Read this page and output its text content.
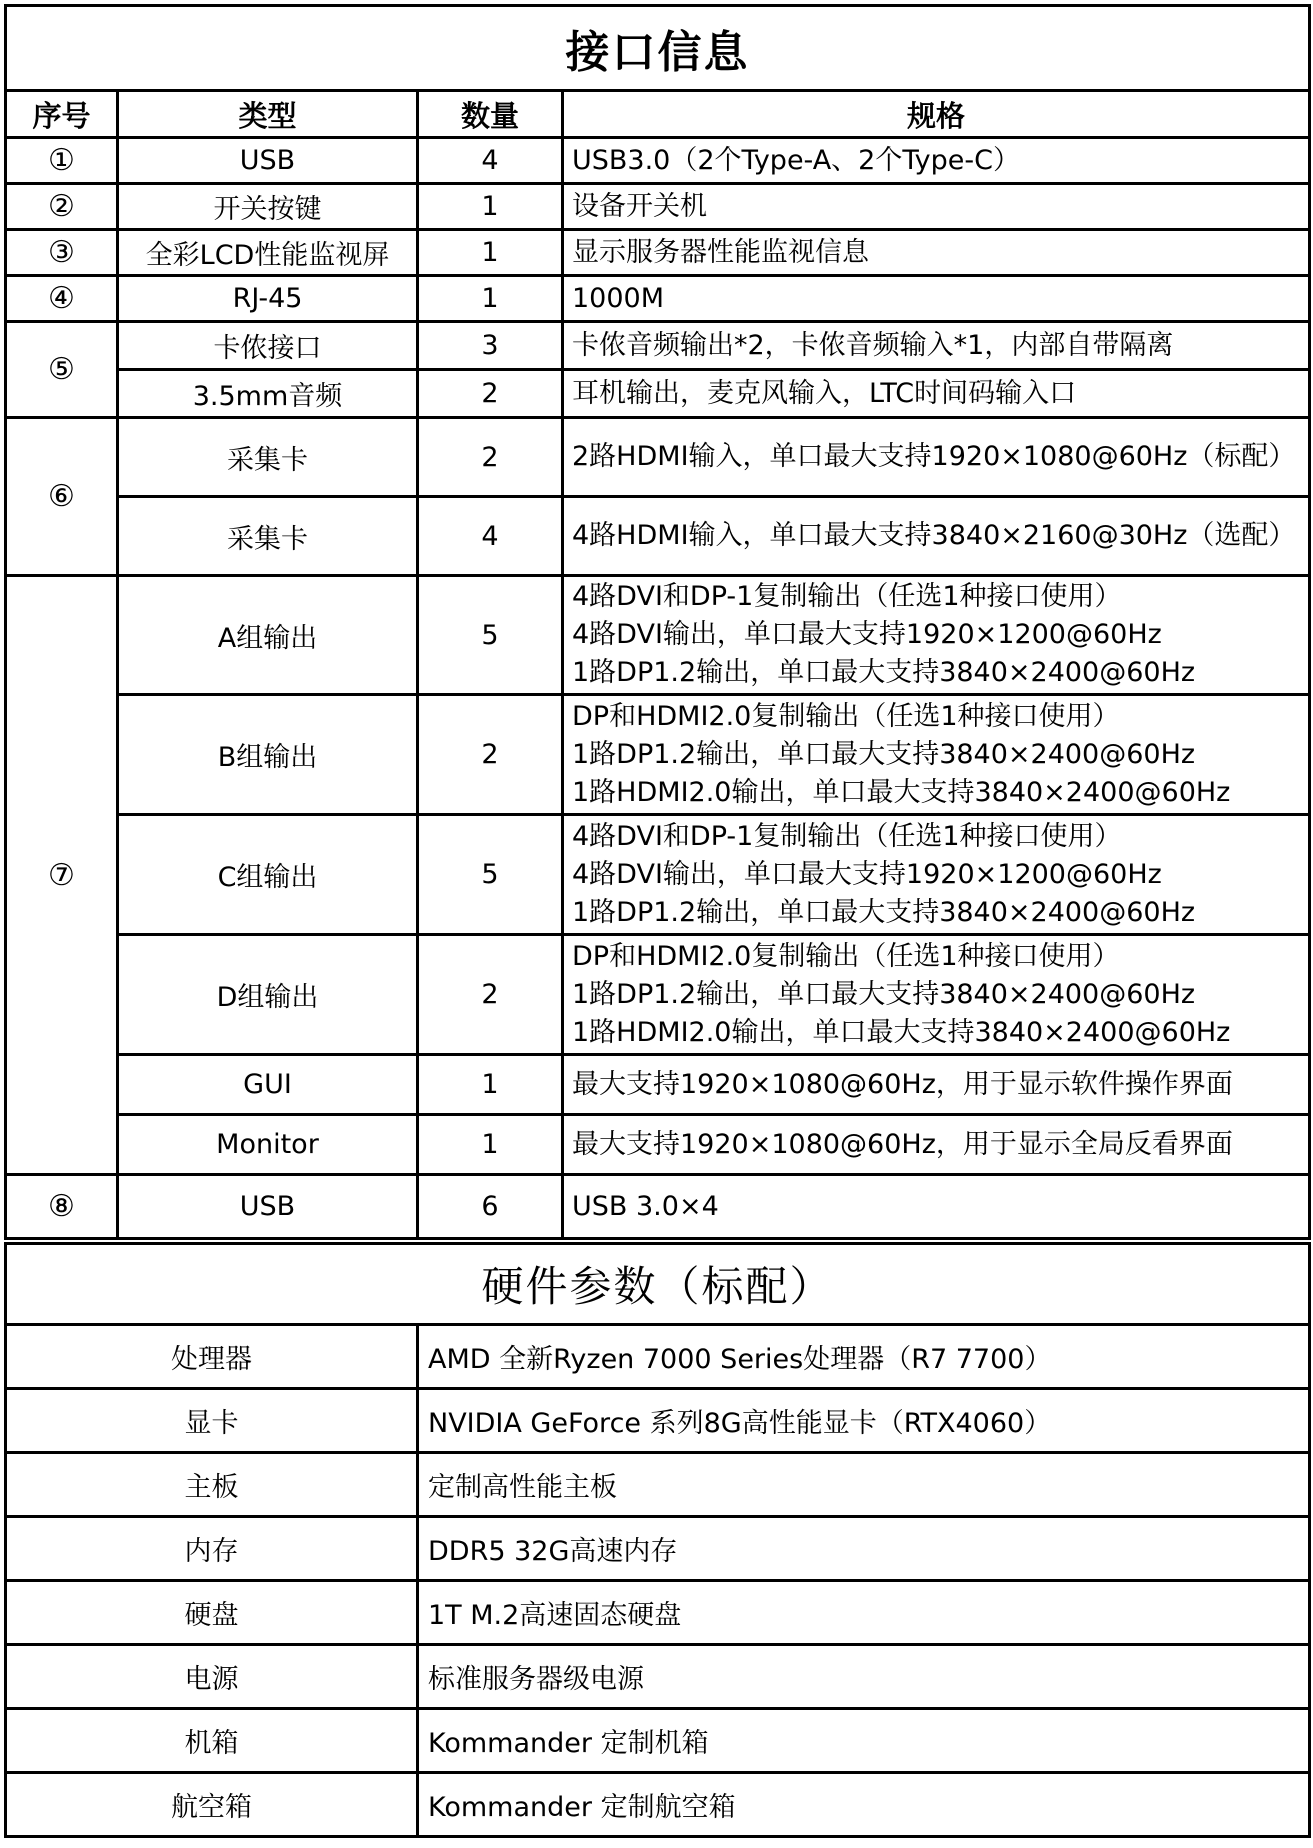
接口信息			
序号	类型	数量	规格
①	USB	4	USB3.0（2个Type-A、2个Type-C）
②	开关按键	1	设备开关机
③	全彩LCD性能监视屏	1	显示服务器性能监视信息
④	RJ-45	1	1000M
⑤	卡侬接口	3	卡侬音频输出*2，卡侬音频输入*1，内部自带隔离
	3.5mm音频	2	耳机输出，麦克风输入，LTC时间码输入口
⑥	采集卡	2	2路HDMI输入，单口最大支持1920×1080@60Hz（标配）
	采集卡	4	4路HDMI输入，单口最大支持3840×2160@30Hz（选配）
⑦	A组输出	5	4路DVI和DP-1复制输出（任选1种接口使用）
4路DVI输出，单口最大支持1920×1200@60Hz
1路DP1.2输出，单口最大支持3840×2400@60Hz

	B组输出	2	DP和HDMI2.0复制输出（任选1种接口使用）
1路DP1.2输出，单口最大支持3840×2400@60Hz
1路HDMI2.0输出，单口最大支持3840×2400@60Hz

	C组输出	5	4路DVI和DP-1复制输出（任选1种接口使用）
4路DVI输出，单口最大支持1920×1200@60Hz
1路DP1.2输出，单口最大支持3840×2400@60Hz

	D组输出	2	DP和HDMI2.0复制输出（任选1种接口使用）
1路DP1.2输出，单口最大支持3840×2400@60Hz
1路HDMI2.0输出，单口最大支持3840×2400@60Hz

	GUI	1	最大支持1920×1080@60Hz，用于显示软件操作界面
	Monitor	1	最大支持1920×1080@60Hz，用于显示全局反看界面
⑧	USB	6	USB 3.0×4
硬件参数（标配）	
处理器	AMD 全新Ryzen 7000 Series处理器（R7 7700）
显卡	NVIDIA GeForce 系列8G高性能显卡（RTX4060）
主板	定制高性能主板
内存	DDR5 32G高速内存
硬盘	1T M.2高速固态硬盘
电源	标准服务器级电源
机箱	Kommander 定制机箱
航空箱	Kommander 定制航空箱
